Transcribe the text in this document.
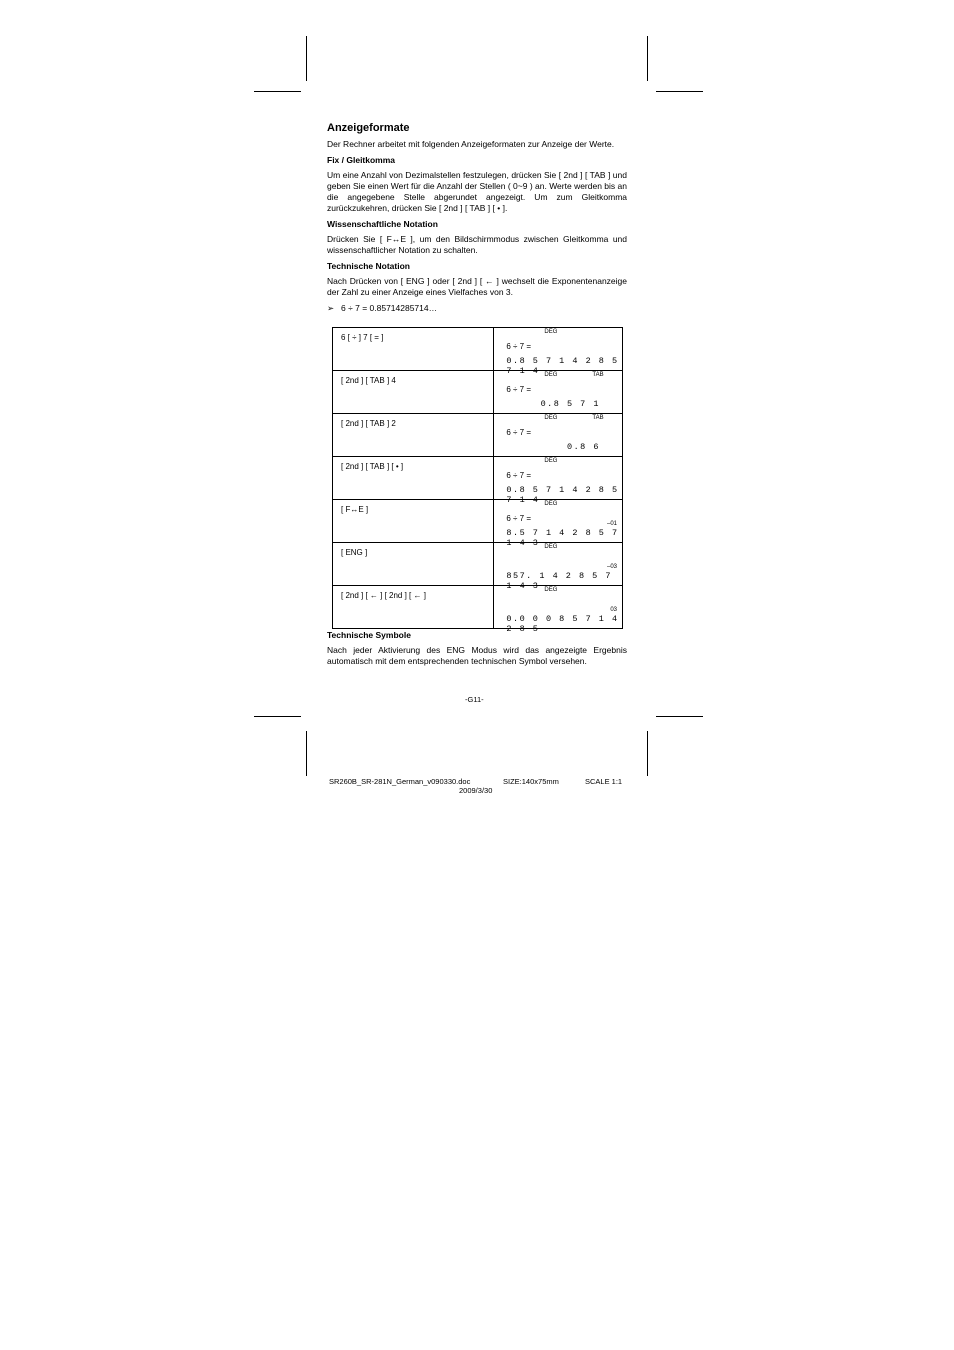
Anzeigeformate

Der Rechner arbeitet mit folgenden Anzeigeformaten zur Anzeige der Werte.

Fix / Gleitkomma

Um eine Anzahl von Dezimalstellen festzulegen, drücken Sie [ 2nd ] [ TAB ] und geben Sie einen Wert für die Anzahl der Stellen ( 0~9 ) an. Werte werden bis an die angegebene Stelle abgerundet angezeigt. Um zum Gleitkomma zurückzukehren, drücken Sie [ 2nd ] [ TAB ] [ • ].

Wissenschaftliche Notation

Drücken Sie [ F↔E ], um den Bildschirmmodus zwischen Gleitkomma und wissenschaftlicher Notation zu schalten.

Technische Notation

Nach Drücken von [ ENG ] oder [ 2nd ] [ ← ] wechselt die Exponentenanzeige der Zahl zu einer Anzeige eines Vielfaches von 3.

➢ 6 ÷ 7 = 0.85714285714…
6 [ ÷ ] 7 [ = ]	DEG
6 ÷ 7 =
0.8 5 7 1 4 2 8 5 7 1 4

[ 2nd ] [ TAB ] 4	DEG TAB
6 ÷ 7 =
0.8 5 7 1

[ 2nd ] [ TAB ] 2	DEG TAB
6 ÷ 7 =
0.8 6

[ 2nd ] [ TAB ] [ • ]	DEG
6 ÷ 7 =
0.8 5 7 1 4 2 8 5 7 1 4

[ F↔E ]	DEG
6 ÷ 7 =
–01
8.5 7 1 4 2 8 5 7 1 4 3

[ ENG ]	DEG
–03
857. 1 4 2 8 5 7 1 4 3

[ 2nd ] [ ← ] [ 2nd ] [ ← ]	DEG
03
0.0 0 0 8 5 7 1 4 2 8 5
Technische Symbole

Nach jeder Aktivierung des ENG Modus wird das angezeigte Ergebnis automatisch mit dem entsprechenden technischen Symbol versehen.

-G11-
SR260B_SR-281N_German_v090330.doc	SIZE:140x75mm	SCALE 1:1
2009/3/30
